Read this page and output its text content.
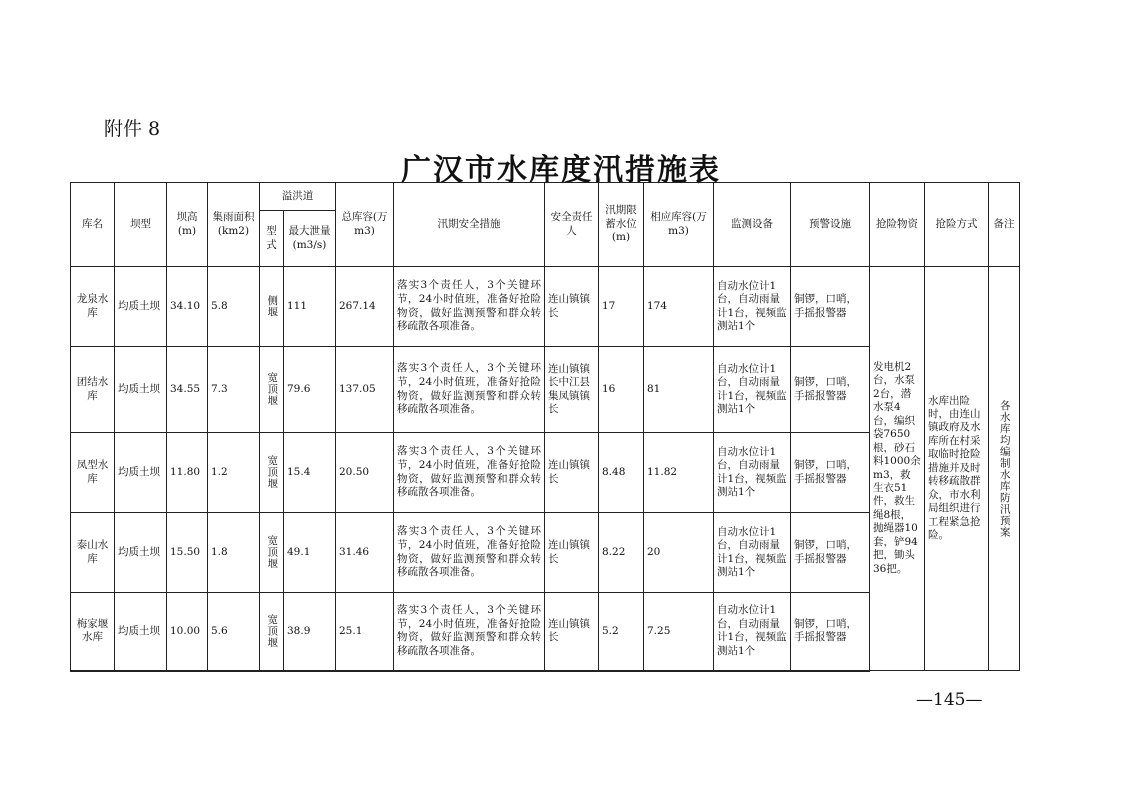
附件 8
广汉市水库度汛措施表
库名	坝型	坝高(m)	集雨面积(km2)	溢洪道		总库容(万 m3)	汛期安全措施	安全责任人	汛期限蓄水位(m)	相应库容(万 m3)	监测设备	预警设施	抢险物资	抢险方式	备注
				型式	最大泄量(m3/s)										
龙泉水库	均质土坝	34.10	5.8	侧堰	111	267.14	落实3个责任人，3个关键环节，24小时值班，准备好抢险物资，做好监测预警和群众转移疏散各项准备。	连山镇镇长	17	174	自动水位计1台，自动雨量计1台，视频监测站1个	铜锣，口哨，手摇报警器	发电机2台，水泵2台，潜水泵4台，编织袋7650根，砂石料1000余m3，救生衣51件，救生绳8根，抛绳器10套，铲94把，锄头36把。	水库出险时，由连山镇政府及水库所在村采取临时抢险措施并及时转移疏散群众，市水利局组织进行工程紧急抢险。	各水库均编制水库防汛预案

团结水库	均质土坝	34.55	7.3	宽顶堰	79.6	137.05	落实3个责任人，3个关键环节，24小时值班，准备好抢险物资，做好监测预警和群众转移疏散各项准备。	连山镇镇长中江县集凤镇镇长	16	81	自动水位计1台，自动雨量计1台，视频监测站1个	铜锣，口哨，手摇报警器			
凤型水库	均质土坝	11.80	1.2	宽顶堰	15.4	20.50	落实3个责任人，3个关键环节，24小时值班，准备好抢险物资，做好监测预警和群众转移疏散各项准备。	连山镇镇长	8.48	11.82	自动水位计1台，自动雨量计1台，视频监测站1个	铜锣，口哨，手摇报警器			
泰山水库	均质土坝	15.50	1.8	宽顶堰	49.1	31.46	落实3个责任人，3个关键环节，24小时值班，准备好抢险物资，做好监测预警和群众转移疏散各项准备。	连山镇镇长	8.22	20	自动水位计1台，自动雨量计1台，视频监测站1个	铜锣，口哨，手摇报警器			
梅家堰水库	均质土坝	10.00	5.6	宽顶堰	38.9	25.1	落实3个责任人，3个关键环节，24小时值班，准备好抢险物资，做好监测预警和群众转移疏散各项准备。	连山镇镇长	5.2	7.25	自动水位计1台，自动雨量计1台，视频监测站1个	铜锣，口哨，手摇报警器			
—145—
